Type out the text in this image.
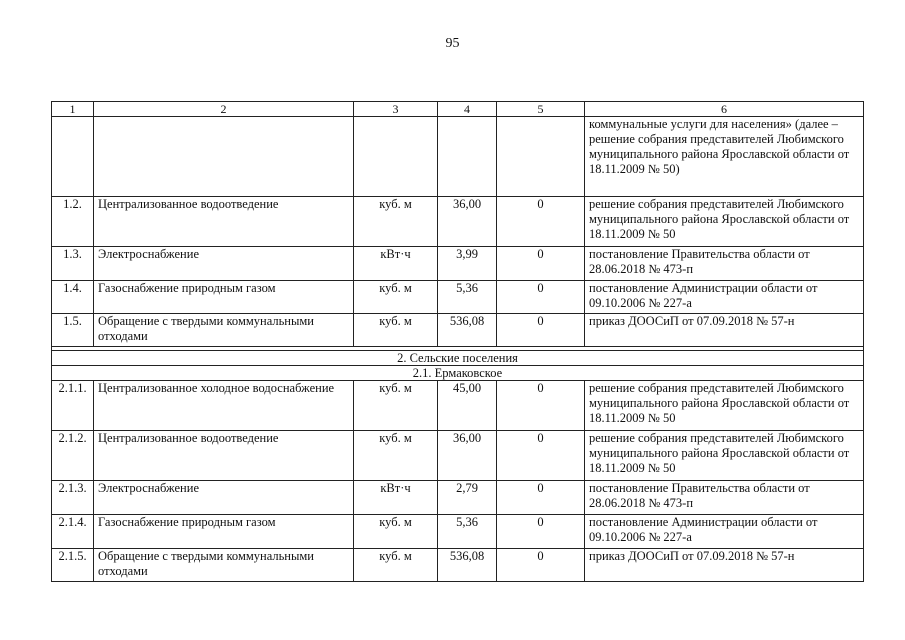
95
1	2	3	4	5	6
					коммунальные услуги для населения» (далее – решение собрания представителей Любимского муниципального района Ярославской области от 18.11.2009 № 50)
1.2.	Централизованное водоотведение	куб. м	36,00	0	решение собрания представителей Любимского муниципального района Ярославской области от 18.11.2009 № 50
1.3.	Электроснабжение	кВт·ч	3,99	0	постановление Правительства области от 28.06.2018 № 473-п
1.4.	Газоснабжение природным газом	куб. м	5,36	0	постановление Администрации области от 09.10.2006 № 227-а
1.5.	Обращение с твердыми коммунальными отходами	куб. м	536,08	0	приказ ДООСиП от 07.09.2018 № 57-н

2. Сельские поселения					
2.1. Ермаковское					
2.1.1.	Централизованное холодное водоснабжение	куб. м	45,00	0	решение собрания представителей Любимского муниципального района Ярославской области от 18.11.2009 № 50
2.1.2.	Централизованное водоотведение	куб. м	36,00	0	решение собрания представителей Любимского муниципального района Ярославской области от 18.11.2009 № 50
2.1.3.	Электроснабжение	кВт·ч	2,79	0	постановление Правительства области от 28.06.2018 № 473-п
2.1.4.	Газоснабжение природным газом	куб. м	5,36	0	постановление Администрации области от 09.10.2006 № 227-а
2.1.5.	Обращение с твердыми коммунальными отходами	куб. м	536,08	0	приказ ДООСиП от 07.09.2018 № 57-н
